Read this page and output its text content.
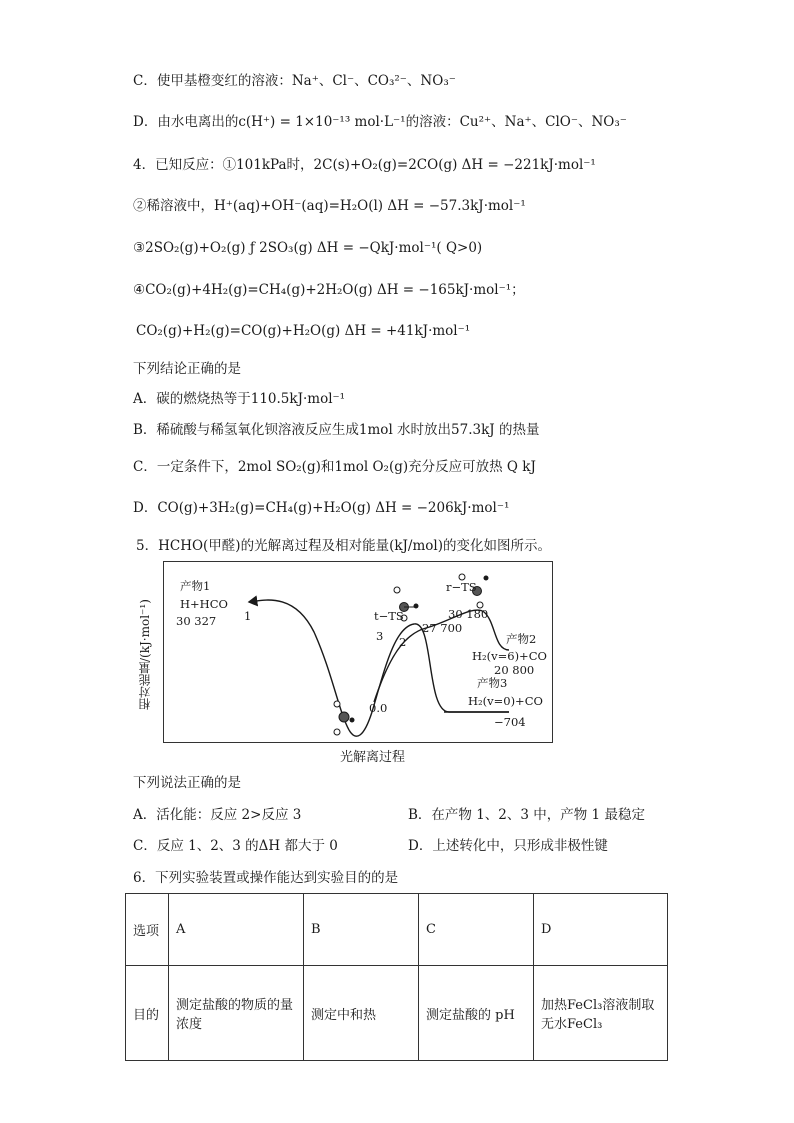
C．使甲基橙变红的溶液：Na⁺、Cl⁻、CO₃²⁻、NO₃⁻
D．由水电离出的c(H⁺) = 1×10⁻¹³ mol·L⁻¹的溶液：Cu²⁺、Na⁺、ClO⁻、NO₃⁻
4．已知反应：①101kPa时，2C(s)+O₂(g)=2CO(g) ΔH = −221kJ·mol⁻¹
②稀溶液中，H⁺(aq)+OH⁻(aq)=H₂O(l) ΔH = −57.3kJ·mol⁻¹
③2SO₂(g)+O₂(g) ƒ 2SO₃(g) ΔH = −QkJ·mol⁻¹( Q>0)
④CO₂(g)+4H₂(g)=CH₄(g)+2H₂O(g) ΔH = −165kJ·mol⁻¹；
CO₂(g)+H₂(g)=CO(g)+H₂O(g) ΔH = +41kJ·mol⁻¹
下列结论正确的是
A．碳的燃烧热等于110.5kJ·mol⁻¹
B．稀硫酸与稀氢氧化钡溶液反应生成1mol 水时放出57.3kJ 的热量
C．一定条件下，2mol SO₂(g)和1mol O₂(g)充分反应可放热 Q kJ
D．CO(g)+3H₂(g)=CH₄(g)+H₂O(g) ΔH = −206kJ·mol⁻¹
5．HCHO(甲醛)的光解离过程及相对能量(kJ/mol)的变化如图所示。
相对能量/(kJ·mol⁻¹)
产物1
H+HCO
30 327 1
0.0
t−TS
27 700
2
3
r−TS
30 180
产物2
H₂(v=6)+CO
20 800
产物3
H₂(v=0)+CO
−704
光解离过程
下列说法正确的是
A．活化能：反应 2>反应 3	B．在产物 1、2、3 中，产物 1 最稳定
C．反应 1、2、3 的ΔH 都大于 0	D．上述转化中，只形成非极性键
6．下列实验装置或操作能达到实验目的的是
选项	A	B	C	D
目的	测定盐酸的物质的量浓度	测定中和热	测定盐酸的 pH	加热FeCl₃溶液制取无水FeCl₃
